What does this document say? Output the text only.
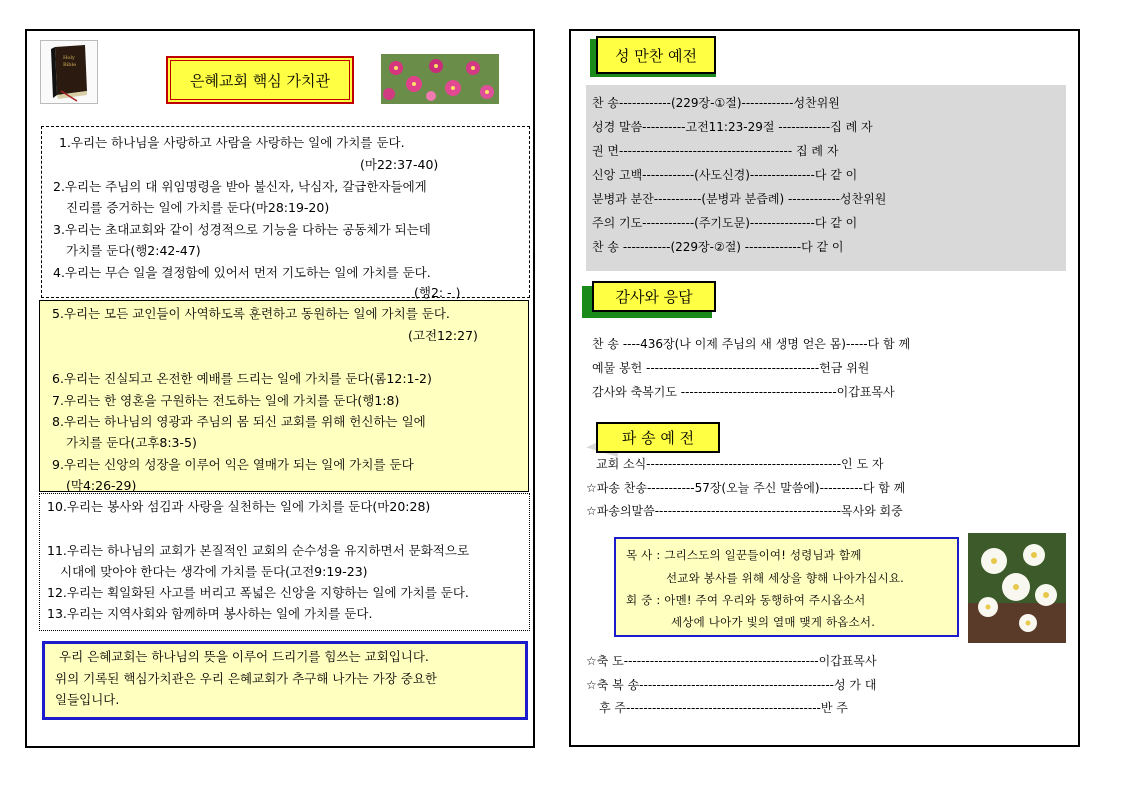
Holy
Bible
은혜교회 핵심 가치관
1.우리는 하나님을 사랑하고 사람을 사랑하는 일에 가치를 둔다.
(마22:37-40)
2.우리는 주님의 대 위임명령을 받아 불신자, 낙심자, 갈급한자들에게
진리를 증거하는 일에 가치를 둔다(마28:19-20)
3.우리는 초대교회와 같이 성경적으로 기능을 다하는 공동체가 되는데
가치를 둔다(행2:42-47)
4.우리는 무슨 일을 결정함에 있어서 먼저 기도하는 일에 가치를 둔다.
(행2: - )
5.우리는 모든 교인들이 사역하도록 훈련하고 동원하는 일에 가치를 둔다.
(고전12:27)
6.우리는 진실되고 온전한 예배를 드리는 일에 가치를 둔다(롬12:1-2)
7.우리는 한 영혼을 구원하는 전도하는 일에 가치를 둔다(행1:8)
8.우리는 하나님의 영광과 주님의 몸 되신 교회를 위해 헌신하는 일에
가치를 둔다(고후8:3-5)
9.우리는 신앙의 성장을 이루어 익은 열매가 되는 일에 가치를 둔다
(막4:26-29)
10.우리는 봉사와 섬김과 사랑을 실천하는 일에 가치를 둔다(마20:28)
11.우리는 하나님의 교회가 본질적인 교회의 순수성을 유지하면서 문화적으로
시대에 맞아야 한다는 생각에 가치를 둔다(고전9:19-23)
12.우리는 획일화된 사고를 버리고 폭넓은 신앙을 지향하는 일에 가치를 둔다.
13.우리는 지역사회와 함께하며 봉사하는 일에 가치를 둔다.
우리 은혜교회는 하나님의 뜻을 이루어 드리기를 힘쓰는 교회입니다.
위의 기록된 핵심가치관은 우리 은혜교회가 추구해 나가는 가장 중요한
일들입니다.
성 만찬 예전
찬 송------------(229장-①절)------------성찬위원
성경 말씀----------고전11:23-29절 ------------집 례 자
권 면---------------------------------------- 집 례 자
신앙 고백------------(사도신경)---------------다 같 이
분병과 분잔-----------(분병과 분즙례) ------------성찬위원
주의 기도------------(주기도문)---------------다 같 이
찬 송 -----------(229장-②절) -------------다 같 이
감사와 응답
찬 송 ----436장(나 이제 주님의 새 생명 얻은 몸)-----다 함 께
예물 봉헌 ----------------------------------------헌금 위원
감사와 축복기도 ------------------------------------이갑표목사
파 송 예 전
교회 소식---------------------------------------------인 도 자
☆파송 찬송-----------57장(오늘 주신 말씀에)----------다 함 께
☆파송의말씀-------------------------------------------목사와 회중
목 사 : 그리스도의 일꾼들이여! 성령님과 함께
선교와 봉사를 위해 세상을 향해 나아가십시요.
회 중 : 아멘! 주여 우리와 동행하여 주시옵소서
세상에 나아가 빛의 열매 맺게 하옵소서.
☆축 도---------------------------------------------이갑표목사
☆축 복 송---------------------------------------------성 가 대
후 주---------------------------------------------반 주
